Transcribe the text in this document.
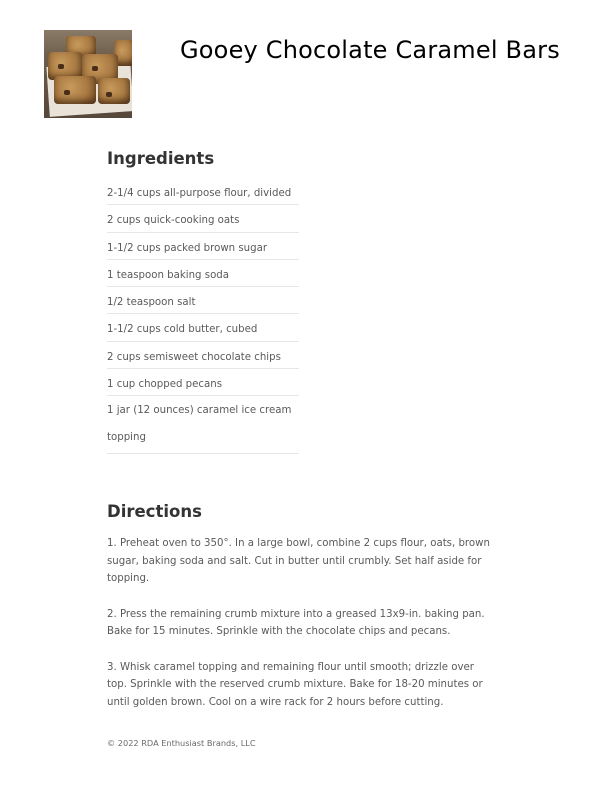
Gooey Chocolate Caramel Bars
Ingredients
2-1/4 cups all-purpose flour, divided
2 cups quick-cooking oats
1-1/2 cups packed brown sugar
1 teaspoon baking soda
1/2 teaspoon salt
1-1/2 cups cold butter, cubed
2 cups semisweet chocolate chips
1 cup chopped pecans
1 jar (12 ounces) caramel ice cream topping
Directions

1. Preheat oven to 350°. In a large bowl, combine 2 cups flour, oats, brown sugar, baking soda and salt. Cut in butter until crumbly. Set half aside for topping.

2. Press the remaining crumb mixture into a greased 13x9-in. baking pan. Bake for 15 minutes. Sprinkle with the chocolate chips and pecans.

3. Whisk caramel topping and remaining flour until smooth; drizzle over top. Sprinkle with the reserved crumb mixture. Bake for 18-20 minutes or until golden brown. Cool on a wire rack for 2 hours before cutting.

© 2022 RDA Enthusiast Brands, LLC
